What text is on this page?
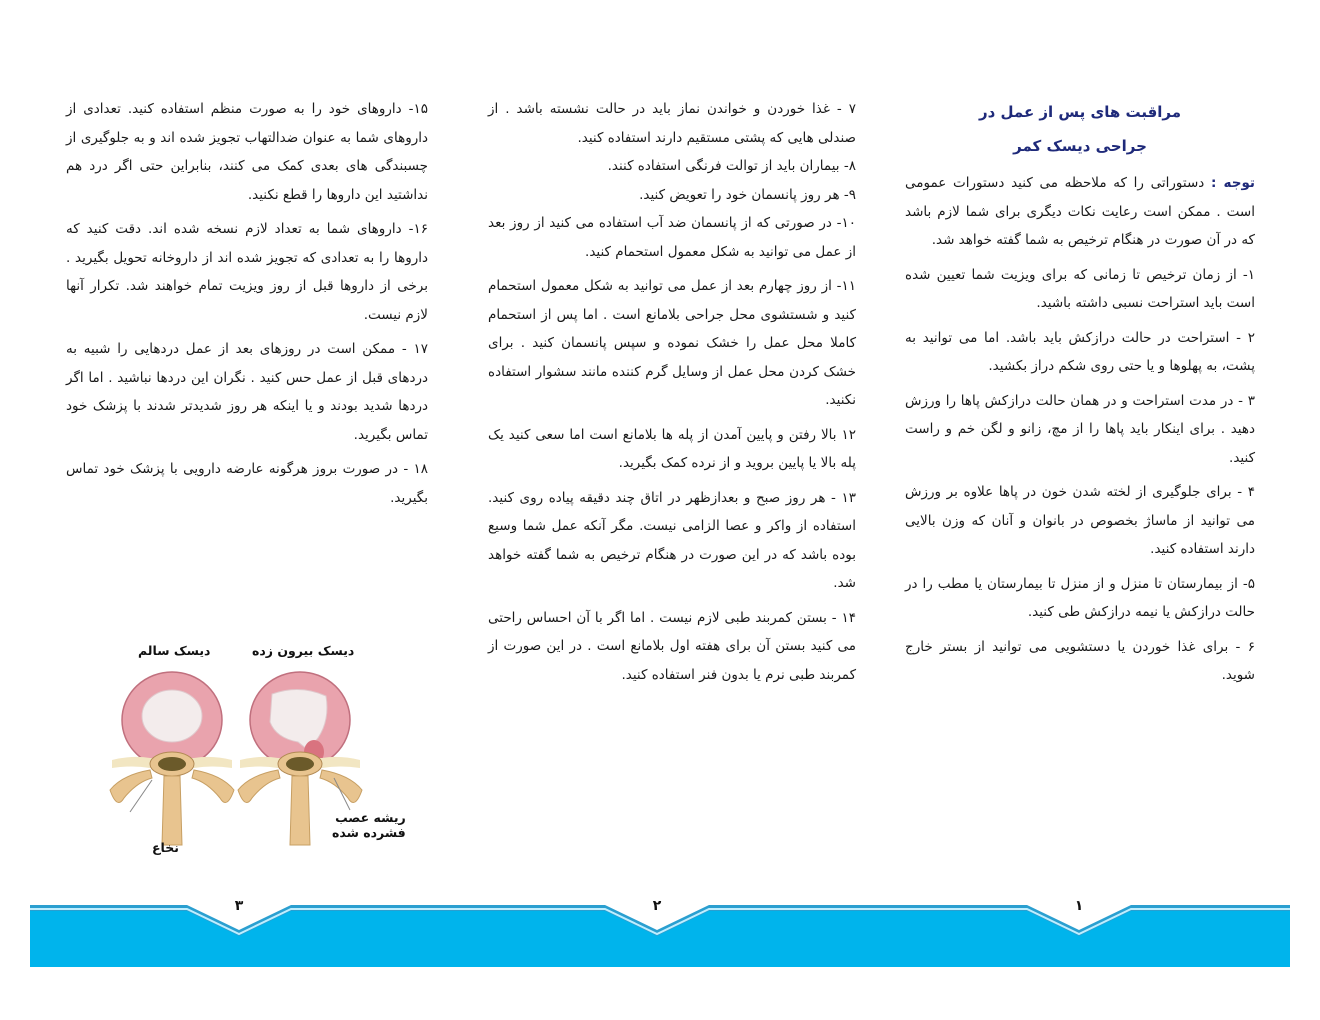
مراقبت های پس از عمل در
جراحی دیسک کمر

توجه : دستوراتی را که ملاحظه می کنید دستورات عمومی است . ممکن است رعایت نکات دیگری برای شما لازم باشد که در آن صورت در هنگام ترخیص به شما گفته خواهد شد.

۱- از زمان ترخیص تا زمانی که برای ویزیت شما تعیین شده است باید استراحت نسبی داشته باشید.

۲ - استراحت در حالت درازکش باید باشد. اما می توانید به پشت، به پهلوها و یا حتی روی شکم دراز بکشید.

۳ - در مدت استراحت و در همان حالت درازکش پاها را ورزش دهید . برای اینکار باید پاها را از مچ، زانو و لگن خم و راست کنید.

۴ - برای جلوگیری از لخته شدن خون در پاها علاوه بر ورزش می توانید از ماساژ بخصوص در بانوان و آنان که وزن بالایی دارند استفاده کنید.

۵- از بیمارستان تا منزل و از منزل تا بیمارستان یا مطب را در حالت درازکش یا نیمه درازکش طی کنید.

۶ - برای غذا خوردن یا دستشویی می توانید از بستر خارج شوید.

۷ - غذا خوردن و خواندن نماز باید در حالت نشسته باشد . از صندلی هایی که پشتی مستقیم دارند استفاده کنید.

۸- بیماران باید از توالت فرنگی استفاده کنند.

۹- هر روز پانسمان خود را تعویض کنید.

۱۰- در صورتی که از پانسمان ضد آب استفاده می کنید از روز بعد از عمل می توانید به شکل معمول استحمام کنید.

۱۱- از روز چهارم بعد از عمل می توانید به شکل معمول استحمام کنید و شستشوی محل جراحی بلامانع است . اما پس از استحمام کاملا محل عمل را خشک نموده و سپس پانسمان کنید . برای خشک کردن محل عمل از وسایل گرم کننده مانند سشوار استفاده نکنید.

۱۲ بالا رفتن و پایین آمدن از پله ها بلامانع است اما سعی کنید یک پله بالا یا پایین بروید و از نرده کمک بگیرید.

۱۳ - هر روز صبح و بعدازظهر در اتاق چند دقیقه پیاده روی کنید. استفاده از واکر و عصا الزامی نیست. مگر آنکه عمل شما وسیع بوده باشد که در این صورت در هنگام ترخیص به شما گفته خواهد شد.

۱۴ - بستن کمربند طبی لازم نیست . اما اگر با آن احساس راحتی می کنید بستن آن برای هفته اول بلامانع است . در این صورت از کمربند طبی نرم یا بدون فنر استفاده کنید.

۱۵- داروهای خود را به صورت منظم استفاده کنید. تعدادی از داروهای شما به عنوان ضدالتهاب تجویز شده اند و به جلوگیری از چسبندگی های بعدی کمک می کنند، بنابراین حتی اگر درد هم نداشتید این داروها را قطع نکنید.

۱۶- داروهای شما به تعداد لازم نسخه شده اند. دقت کنید که داروها را به تعدادی که تجویز شده اند از داروخانه تحویل بگیرید . برخی از داروها قبل از روز ویزیت تمام خواهند شد. تکرار آنها لازم نیست.

۱۷ - ممکن است در روزهای بعد از عمل دردهایی را شبیه به دردهای قبل از عمل حس کنید . نگران این دردها نباشید . اما اگر دردها شدید بودند و یا اینکه هر روز شدیدتر شدند با پزشک خود تماس بگیرید.

۱۸ - در صورت بروز هرگونه عارضه دارویی با پزشک خود تماس بگیرید.

دیسک سالم	دیسک بیرون زده
نخاع
ریشه عصب
فشرده شده
۳	۲	۱
